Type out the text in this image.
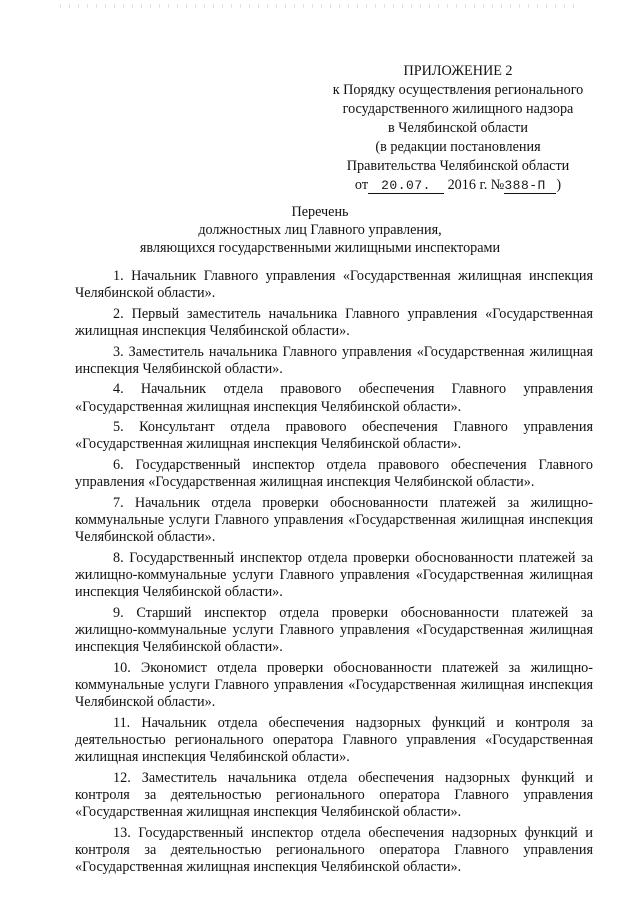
ПРИЛОЖЕНИЕ 2
к Порядку осуществления регионального
государственного жилищного надзора
в Челябинской области
(в редакции постановления
Правительства Челябинской области
от 20.07. 2016 г. №388-П )
Перечень
должностных лиц Главного управления,
являющихся государственными жилищными инспекторами

1. Начальник Главного управления «Государственная жилищная инспекция Челябинской области».

2. Первый заместитель начальника Главного управления «Государственная жилищная инспекция Челябинской области».

3. Заместитель начальника Главного управления «Государственная жилищная инспекция Челябинской области».

4. Начальник отдела правового обеспечения Главного управления «Государственная жилищная инспекция Челябинской области».

5. Консультант отдела правового обеспечения Главного управления «Государственная жилищная инспекция Челябинской области».

6. Государственный инспектор отдела правового обеспечения Главного управления «Государственная жилищная инспекция Челябинской области».

7. Начальник отдела проверки обоснованности платежей за жилищно-коммунальные услуги Главного управления «Государственная жилищная инспекция Челябинской области».

8. Государственный инспектор отдела проверки обоснованности платежей за жилищно-коммунальные услуги Главного управления «Государственная жилищная инспекция Челябинской области».

9. Старший инспектор отдела проверки обоснованности платежей за жилищно-коммунальные услуги Главного управления «Государственная жилищная инспекция Челябинской области».

10. Экономист отдела проверки обоснованности платежей за жилищно-коммунальные услуги Главного управления «Государственная жилищная инспекция Челябинской области».

11. Начальник отдела обеспечения надзорных функций и контроля за деятельностью регионального оператора Главного управления «Государственная жилищная инспекция Челябинской области».

12. Заместитель начальника отдела обеспечения надзорных функций и контроля за деятельностью регионального оператора Главного управления «Государственная жилищная инспекция Челябинской области».

13. Государственный инспектор отдела обеспечения надзорных функций и контроля за деятельностью регионального оператора Главного управления «Государственная жилищная инспекция Челябинской области».
